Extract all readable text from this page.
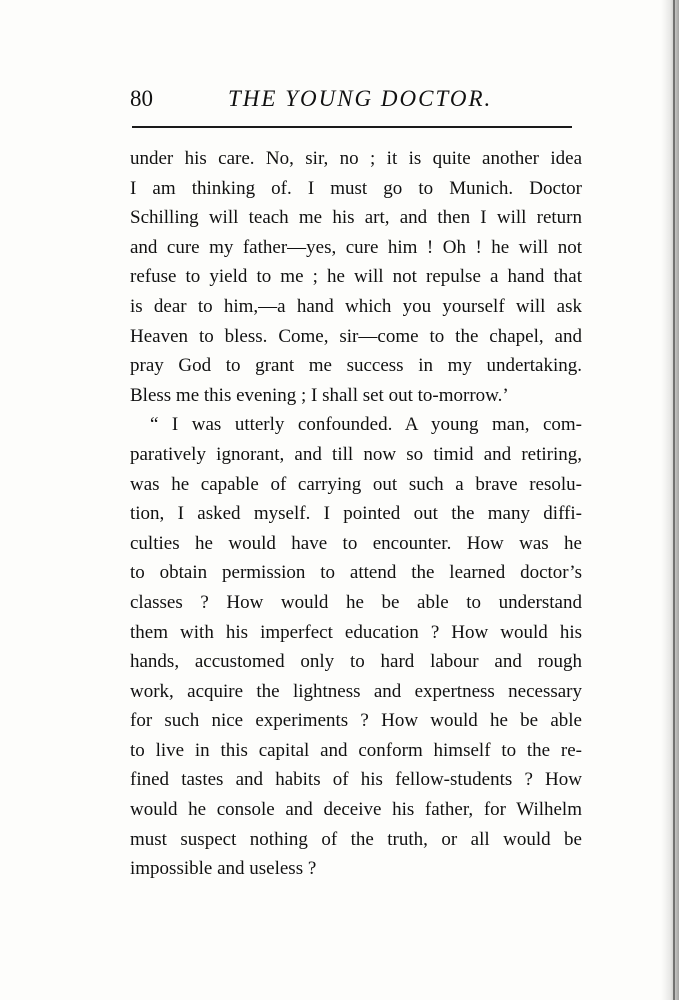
80	THE YOUNG DOCTOR.
under his care. No, sir, no ; it is quite another idea
I am thinking of. I must go to Munich. Doctor
Schilling will teach me his art, and then I will return
and cure my father—yes, cure him ! Oh ! he will not
refuse to yield to me ; he will not repulse a hand that
is dear to him,—a hand which you yourself will ask
Heaven to bless. Come, sir—come to the chapel, and
pray God to grant me success in my undertaking.
Bless me this evening ; I shall set out to-morrow.’
“ I was utterly confounded. A young man, com-
paratively ignorant, and till now so timid and retiring,
was he capable of carrying out such a brave resolu-
tion, I asked myself. I pointed out the many diffi-
culties he would have to encounter. How was he
to obtain permission to attend the learned doctor’s
classes ? How would he be able to understand
them with his imperfect education ? How would his
hands, accustomed only to hard labour and rough
work, acquire the lightness and expertness necessary
for such nice experiments ? How would he be able
to live in this capital and conform himself to the re-
fined tastes and habits of his fellow-students ? How
would he console and deceive his father, for Wilhelm
must suspect nothing of the truth, or all would be
impossible and useless ?
